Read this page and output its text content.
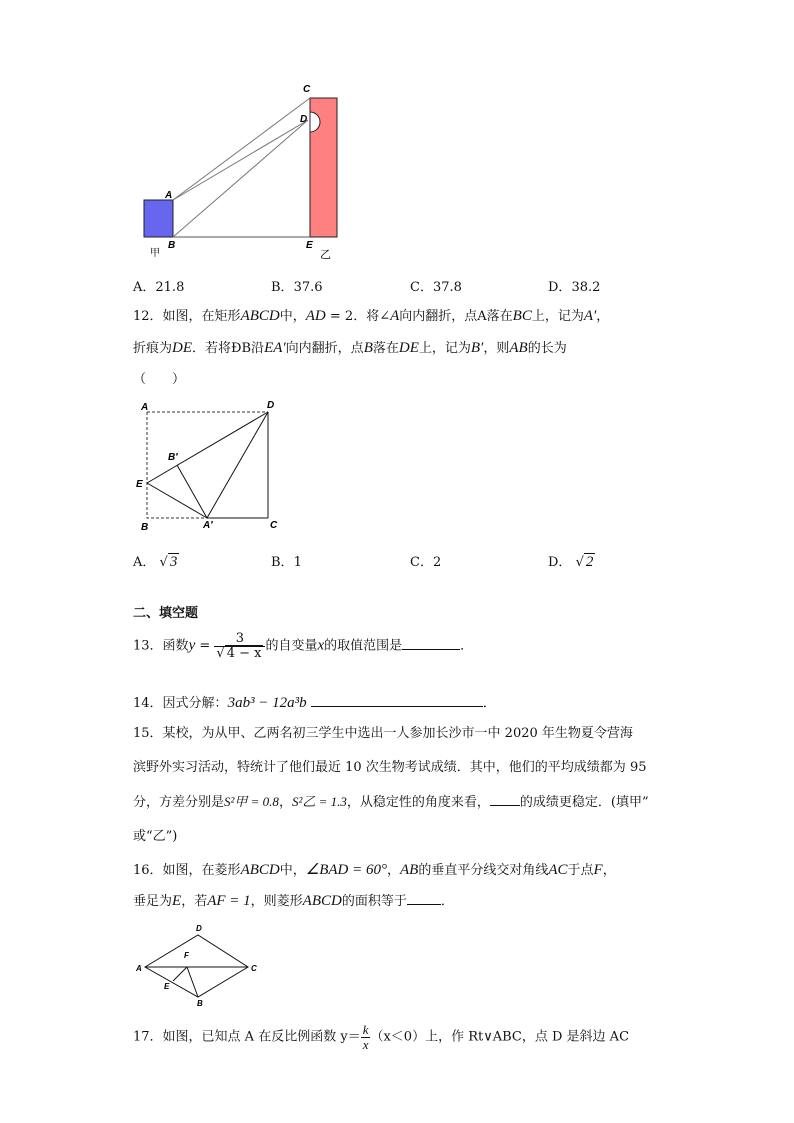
A
B
C
D
E
甲	乙
A．21.8	B．37.6	C．37.8	D．38.2
12．如图，在矩形ABCD中，AD = 2．将∠A向内翻折，点A落在BC上，记为A′，
折痕为DE．若将ÐB沿EA′向内翻折，点B落在DE上，记为B′，则AB的长为
（　　）
A	D
B′
E
B	A′	C
A． √ 3	B．1	C．2	D． √ 2
二、填空题
13．函数$y = \frac{3}{√ 4 - x}$ 的自变量x的取值范围是	．
14．因式分解：3ab³ − 12a³b	．
15．某校，为从甲、乙两名初三学生中选出一人参加长沙市一中 2020 年生物夏令营海
滨野外实习活动，特统计了他们最近 10 次生物考试成绩．其中，他们的平均成绩都为 95
分，方差分别是S²甲 = 0.8，S²乙 = 1.3，从稳定性的角度来看， 的成绩更稳定．(填甲”
或“乙”)
16．如图，在菱形ABCD中，∠BAD = 60°，AB的垂直平分线交对角线AC于点F，
垂足为E，若AF = 1，则菱形ABCD的面积等于	．
D
F
A	C
E
B
17．如图，已知点 A 在反比例函数 $y= \frac{k}{x} (x<0)$上，作 Rt∨ABC，点 D 是斜边 AC
